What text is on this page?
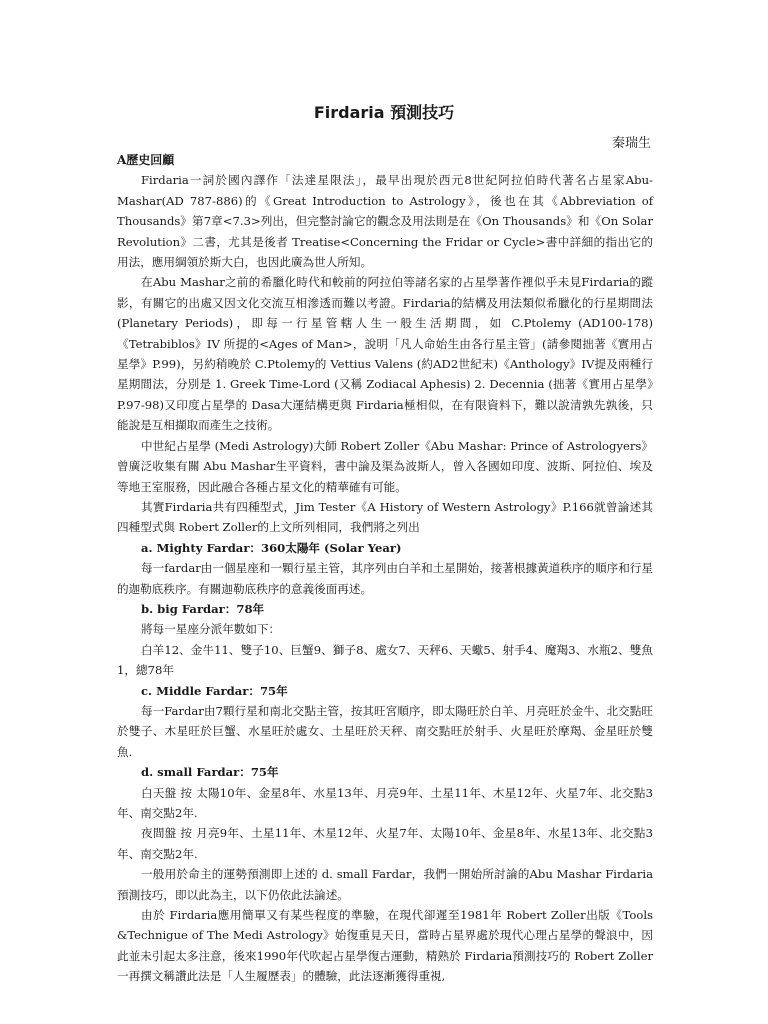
Firdaria 預測技巧
秦瑞生

A歷史回顧

Firdaria一詞於國內譯作「法達星限法」，最早出現於西元8世紀阿拉伯時代著名占星家Abu-Mashar(AD 787-886)的《Great Introduction to Astrology》，後也在其《Abbreviation of Thousands》第7章<7.3>列出，但完整討論它的觀念及用法則是在《On Thousands》和《On Solar Revolution》二書，尤其是後者 Treatise<Concerning the Fridar or Cycle>書中詳細的指出它的用法，應用綱領於斯大白，也因此廣為世人所知。

在Abu Mashar之前的希臘化時代和較前的阿拉伯等諸名家的占星學著作裡似乎未見Firdaria的蹤影，有關它的出處又因文化交流互相滲透而難以考證。Firdaria的結構及用法類似希臘化的行星期間法(Planetary Periods)，即每一行星管轄人生一般生活期間，如 C.Ptolemy (AD100-178)《Tetrabiblos》IV 所提的<Ages of Man>，說明「凡人命始生由各行星主管」(請參閱拙著《實用占星學》P.99)，另約稍晚於 C.Ptolemy的 Vettius Valens (約AD2世紀末)《Anthology》IV提及兩種行星期間法，分別是 1. Greek Time-Lord (又稱 Zodiacal Aphesis) 2. Decennia (拙著《實用占星學》P.97-98)又印度占星學的 Dasa大運結構更與 Firdaria極相似，在有限資料下，難以說清孰先孰後，只能說是互相擷取而產生之技術。

中世紀占星學 (Medi Astrology)大師 Robert Zoller《Abu Mashar: Prince of Astrologyers》曾廣泛收集有關 Abu Mashar生平資料，書中論及渠為波斯人，曾入各國如印度、波斯、阿拉伯、埃及等地王室服務，因此融合各種占星文化的精華確有可能。

其實Firdaria共有四種型式，Jim Tester《A History of Western Astrology》P.166就曾論述其四種型式與 Robert Zoller的上文所列相同，我們將之列出

a. Mighty Fardar：360太陽年 (Solar Year)

每一fardar由一個星座和一顆行星主管，其序列由白羊和土星開始，接著根據黃道秩序的順序和行星的迦勒底秩序。有關迦勒底秩序的意義後面再述。

b. big Fardar：78年

將每一星座分派年數如下：

白羊12、金牛11、雙子10、巨蟹9、獅子8、處女7、天秤6、天蠍5、射手4、魔羯3、水瓶2、雙魚1，總78年

c. Middle Fardar：75年

每一Fardar由7顆行星和南北交點主管，按其旺宮順序，即太陽旺於白羊、月亮旺於金牛、北交點旺於雙子、木星旺於巨蟹、水星旺於處女、土星旺於天秤、南交點旺於射手、火星旺於摩羯、金星旺於雙魚.

d. small Fardar：75年

白天盤 按 太陽10年、金星8年、水星13年、月亮9年、土星11年、木星12年、火星7年、北交點3年、南交點2年.

夜間盤 按 月亮9年、土星11年、木星12年、火星7年、太陽10年、金星8年、水星13年、北交點3年、南交點2年.

一般用於命主的運勢預測即上述的 d. small Fardar，我們一開始所討論的Abu Mashar Firdaria預測技巧，即以此為主，以下仍依此法論述。

由於 Firdaria應用簡單又有某些程度的準驗，在現代卻遲至1981年 Robert Zoller出版《Tools &Technigue of The Medi Astrology》始復重見天日，當時占星界處於現代心理占星學的聲浪中，因此並未引起太多注意，後來1990年代吹起占星學復古運動，精熟於 Firdaria預測技巧的 Robert Zoller一再撰文稱讚此法是「人生履歷表」的體驗，此法逐漸獲得重視,
